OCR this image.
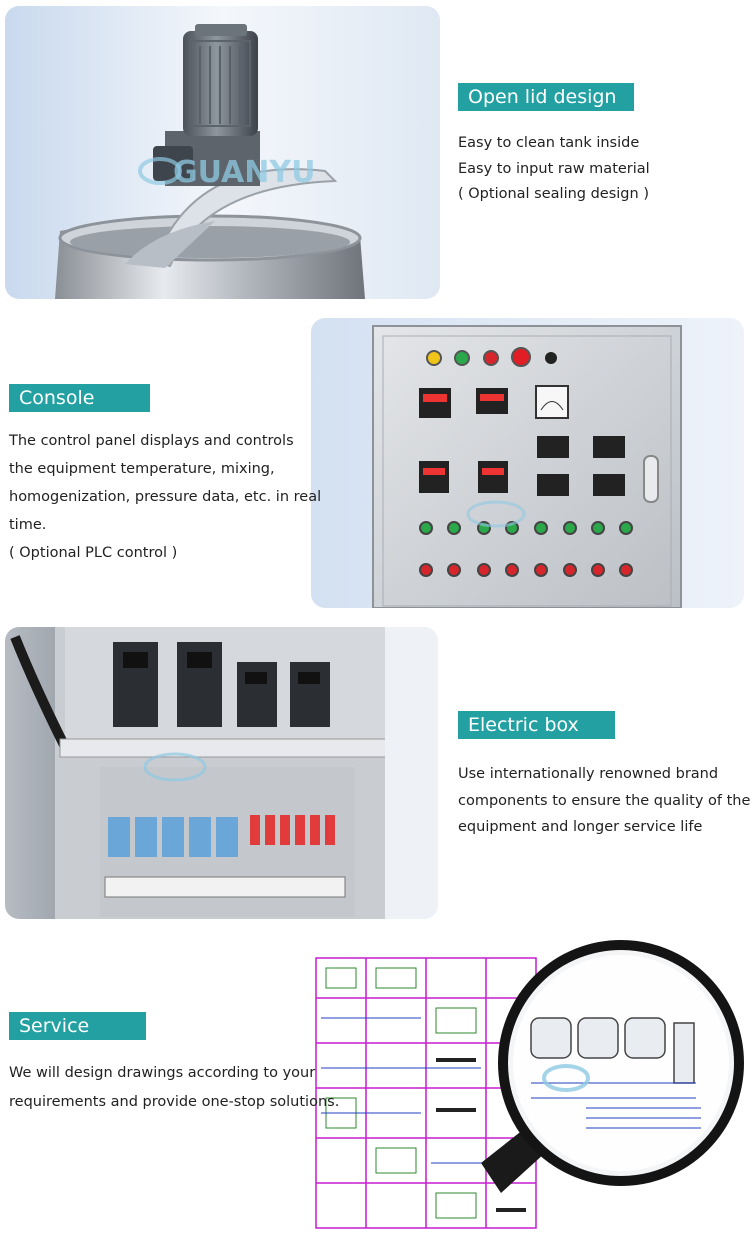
GUANYU
Open lid design

Easy to clean tank inside

Easy to input raw material

( Optional sealing design )

Console

The control panel displays and controls

the equipment temperature, mixing,

homogenization, pressure data, etc. in real

time.

( Optional PLC control )

Electric box

Use internationally renowned brand

components to ensure the quality of the

equipment and longer service life

Service

We will design drawings according to your

requirements and provide one-stop solutions.
